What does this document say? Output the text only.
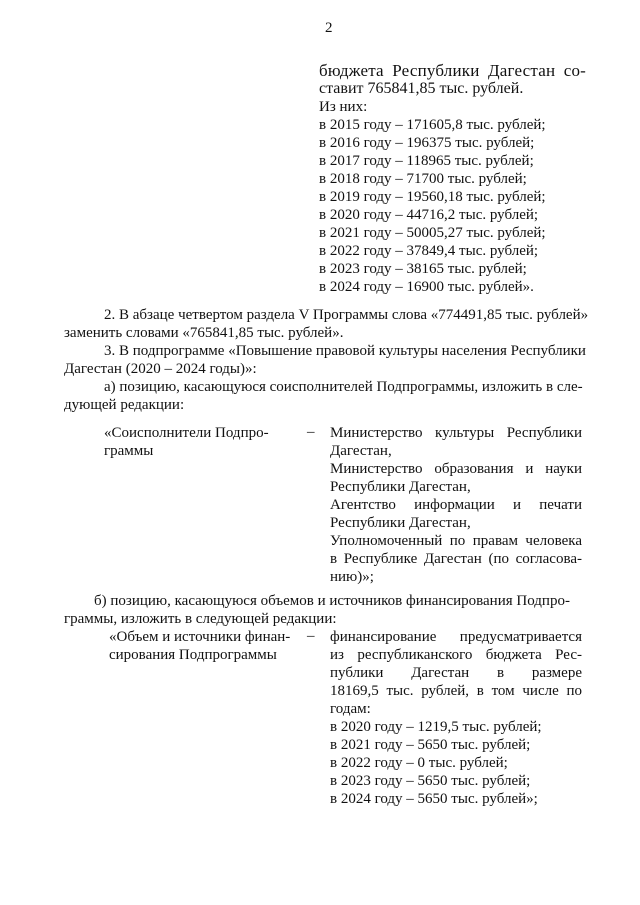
2
бюджета Республики Дагестан со-
ставит 765841,85 тыс. рублей.
Из них:
в 2015 году – 171605,8 тыс. рублей;
в 2016 году – 196375 тыс. рублей;
в 2017 году – 118965 тыс. рублей;
в 2018 году – 71700 тыс. рублей;
в 2019 году – 19560,18 тыс. рублей;
в 2020 году – 44716,2 тыс. рублей;
в 2021 году – 50005,27 тыс. рублей;
в 2022 году – 37849,4 тыс. рублей;
в 2023 году – 38165 тыс. рублей;
в 2024 году – 16900 тыс. рублей».
2. В абзаце четвертом раздела V Программы слова «774491,85 тыс. рублей»
заменить словами «765841,85 тыс. рублей».
3. В подпрограмме «Повышение правовой культуры населения Республики
Дагестан (2020 – 2024 годы)»:
а) позицию, касающуюся соисполнителей Подпрограммы, изложить в сле-
дующей редакции:
«Соисполнители Подпро-
граммы
– Министерство культуры Республики
Дагестан,
Министерство образования и науки
Республики Дагестан,
Агентство информации и печати
Республики Дагестан,
Уполномоченный по правам человека
в Республике Дагестан (по согласова-
нию)»;
б) позицию, касающуюся объемов и источников финансирования Подпро-
граммы, изложить в следующей редакции:
«Объем и источники финан-
сирования Подпрограммы
– финансирование предусматривается
из республиканского бюджета Рес-
публики Дагестан в размере
18169,5 тыс. рублей, в том числе по
годам:
в 2020 году – 1219,5 тыс. рублей;
в 2021 году – 5650 тыс. рублей;
в 2022 году – 0 тыс. рублей;
в 2023 году – 5650 тыс. рублей;
в 2024 году – 5650 тыс. рублей»;
